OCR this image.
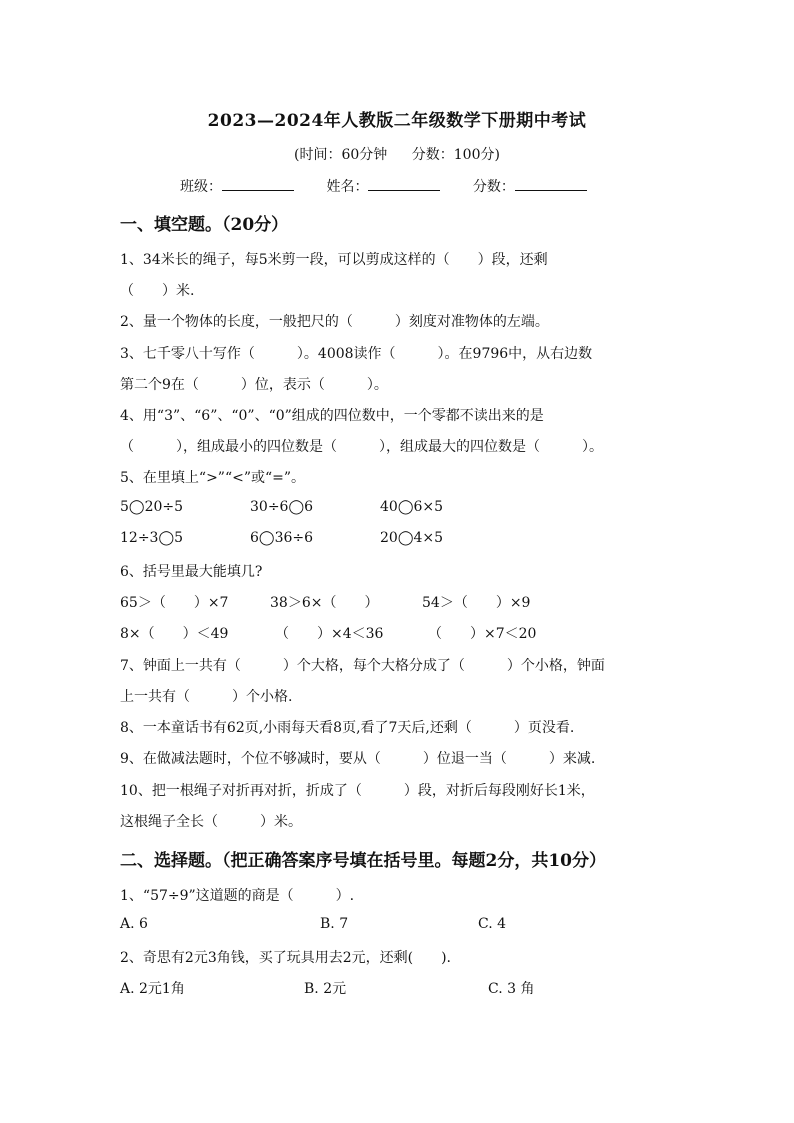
2023—2024年人教版二年级数学下册期中考试
(时间：60分钟 分数：100分)
班级：	姓名：	分数：
一、填空题。（20分）
1、34米长的绳子，每5米剪一段，可以剪成这样的（　　）段，还剩
（　　）米.
2、量一个物体的长度，一般把尺的（　　　）刻度对准物体的左端。
3、七千零八十写作（　　　）。4008读作（　　　）。在9796中，从右边数
第二个9在（　　　）位，表示（　　　）。
4、用“3”、“6”、“0”、“0”组成的四位数中，一个零都不读出来的是
（　　　），组成最小的四位数是（　　　），组成最大的四位数是（　　　）。
5、在里填上“>”“<”或“=”。
5◯20÷5	30÷6◯6	40◯6×5
12÷3◯5	6◯36÷6	20◯4×5
6、括号里最大能填几?
65＞（　　）×7	38＞6×（　　）	54＞（　　）×9
8×（　　）＜49	（　　）×4＜36	（　　）×7＜20
7、钟面上一共有（　　　）个大格，每个大格分成了（　　　）个小格，钟面
上一共有（　　　）个小格.
8、一本童话书有62页,小雨每天看8页,看了7天后,还剩（　　　）页没看.
9、在做减法题时，个位不够减时，要从（　　　）位退一当（　　　）来减.
10、把一根绳子对折再对折，折成了（　　　）段，对折后每段刚好长1米，
这根绳子全长（　　　）米。
二、选择题。（把正确答案序号填在括号里。每题2分，共10分）
1、“57÷9”这道题的商是（　　　）.
A. 6	B. 7	C. 4
2、奇思有2元3角钱，买了玩具用去2元，还剩(　　).
A. 2元1角	B. 2元	C. 3 角
